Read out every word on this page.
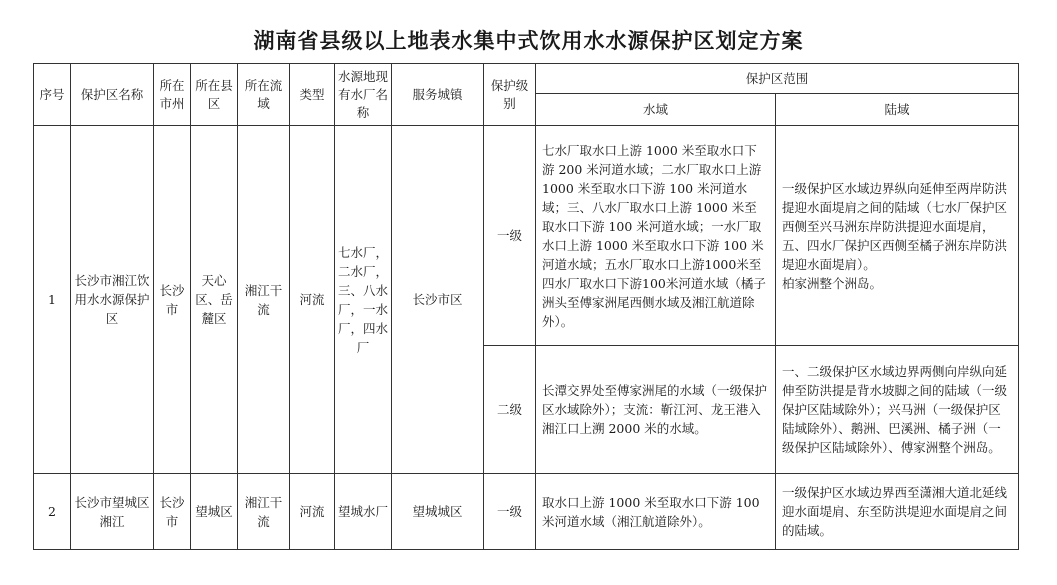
湖南省县级以上地表水集中式饮用水水源保护区划定方案
序号	保护区名称	所在市州	所在县区	所在流域	类型	水源地现有水厂名称	服务城镇	保护级别	保护区范围	
									水域	陆域
1	长沙市湘江饮用水水源保护区	长沙市	天心区、岳麓区	湘江干流	河流	七水厂，二水厂，三、八水厂，一水厂，四水厂	长沙市区	一级	七水厂取水口上游 1000 米至取水口下游 200 米河道水域；二水厂取水口上游 1000 米至取水口下游 100 米河道水域；三、八水厂取水口上游 1000 米至取水口下游 100 米河道水域；一水厂取水口上游 1000 米至取水口下游 100 米河道水域；五水厂取水口上游1000米至四水厂取水口下游100米河道水域（橘子洲头至傅家洲尾西侧水域及湘江航道除外）。	一级保护区水域边界纵向延伸至两岸防洪提迎水面堤肩之间的陆域（七水厂保护区西侧至兴马洲东岸防洪提迎水面堤肩，五、四水厂保护区西侧至橘子洲东岸防洪堤迎水面堤肩）。
柏家洲整个洲岛。

								二级	长潭交界处至傅家洲尾的水域（一级保护区水域除外）；支流：靳江河、龙王港入湘江口上溯 2000 米的水域。	一、二级保护区水域边界两侧向岸纵向延伸至防洪提是背水坡脚之间的陆域（一级保护区陆域除外）；兴马洲（一级保护区陆域除外）、鹅洲、巴溪洲、橘子洲（一级保护区陆域除外）、傅家洲整个洲岛。
2	长沙市望城区湘江	长沙市	望城区	湘江干流	河流	望城水厂	望城城区	一级	取水口上游 1000 米至取水口下游 100 米河道水域（湘江航道除外）。	一级保护区水域边界西至潇湘大道北延线迎水面堤肩、东至防洪堤迎水面堤肩之间的陆域。
